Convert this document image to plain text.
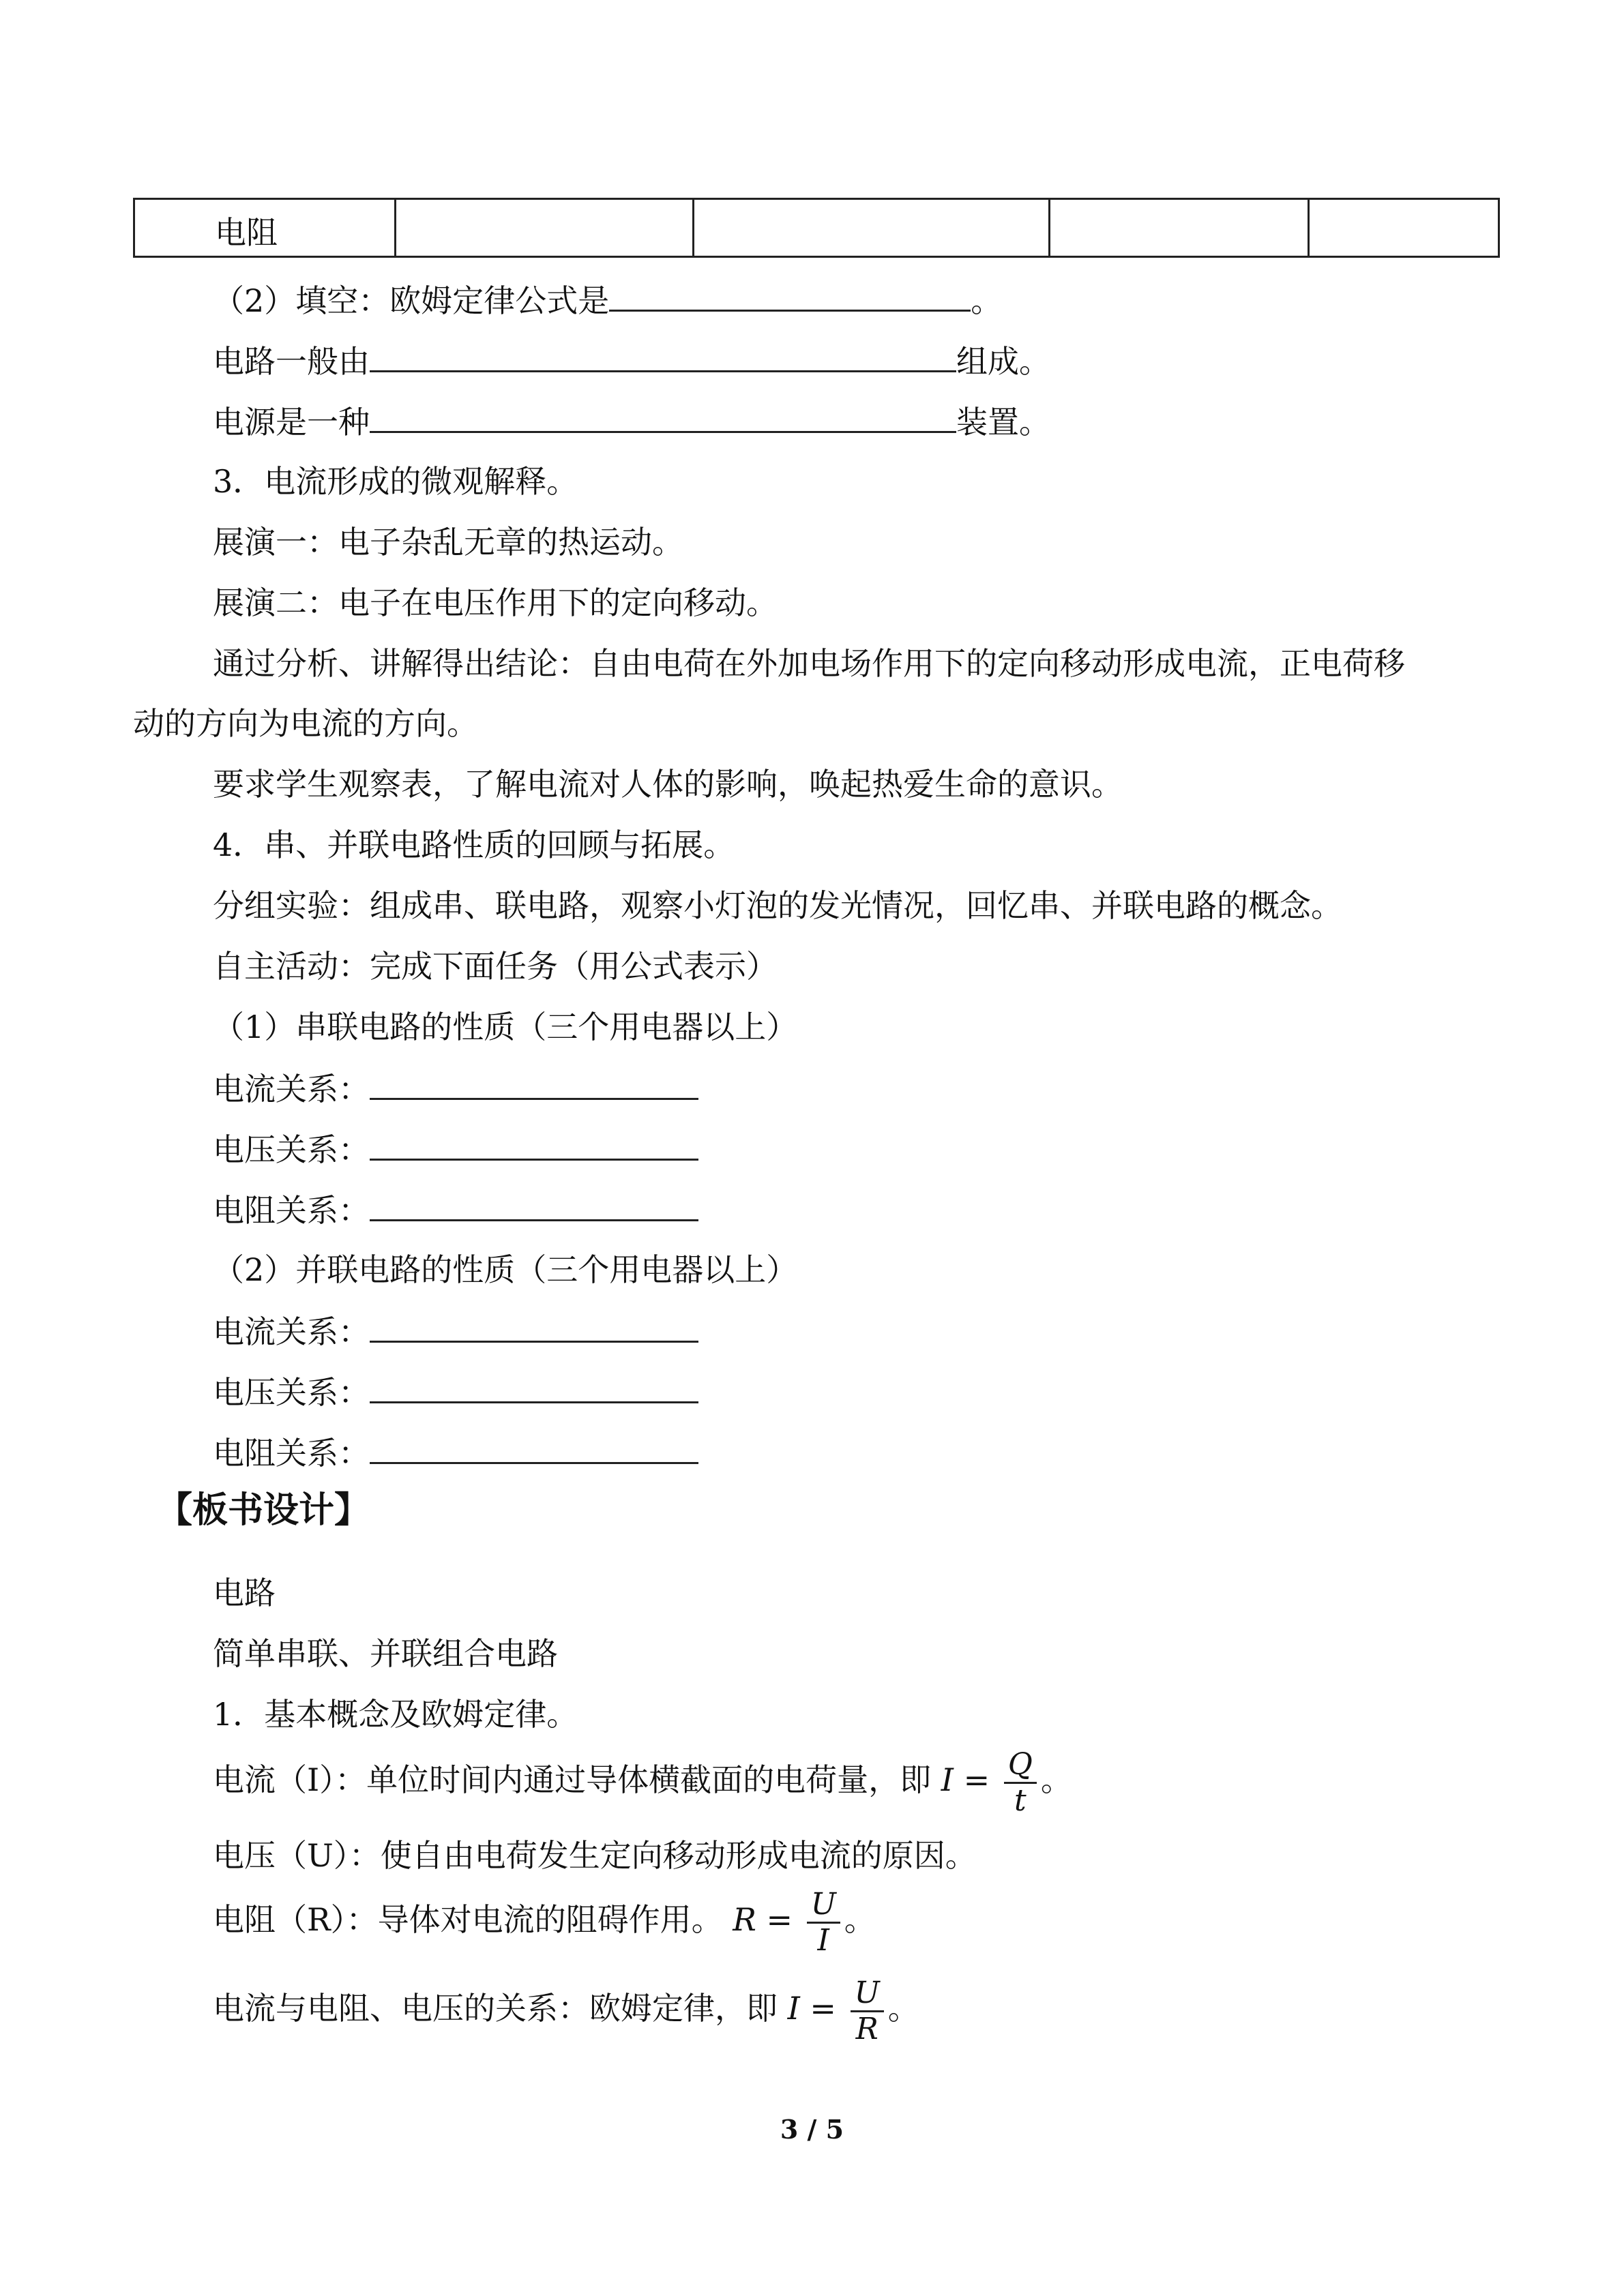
电阻
（2）填空：欧姆定律公式是	。
电路一般由	组成。
电源是一种	装置。
3．电流形成的微观解释。
展演一：电子杂乱无章的热运动。
展演二：电子在电压作用下的定向移动。
通过分析、讲解得出结论：自由电荷在外加电场作用下的定向移动形成电流，正电荷移
动的方向为电流的方向。
要求学生观察表，了解电流对人体的影响，唤起热爱生命的意识。
4．串、并联电路性质的回顾与拓展。
分组实验：组成串、联电路，观察小灯泡的发光情况，回忆串、并联电路的概念。
自主活动：完成下面任务（用公式表示）
（1）串联电路的性质（三个用电器以上）
电流关系：
电压关系：
电阻关系：
（2）并联电路的性质（三个用电器以上）
电流关系：
电压关系：
电阻关系：
【板书设计】
电路
简单串联、并联组合电路
1．基本概念及欧姆定律。
电流（I）：单位时间内通过导体横截面的电荷量，即 $I = \frac{Q}{t}$ 。
电压（U）：使自由电荷发生定向移动形成电流的原因。
电阻（R）：导体对电流的阻碍作用。 $R = \frac{U}{I}$ 。
电流与电阻、电压的关系：欧姆定律，即 $I = \frac{U}{R}$ 。
3 / 5
